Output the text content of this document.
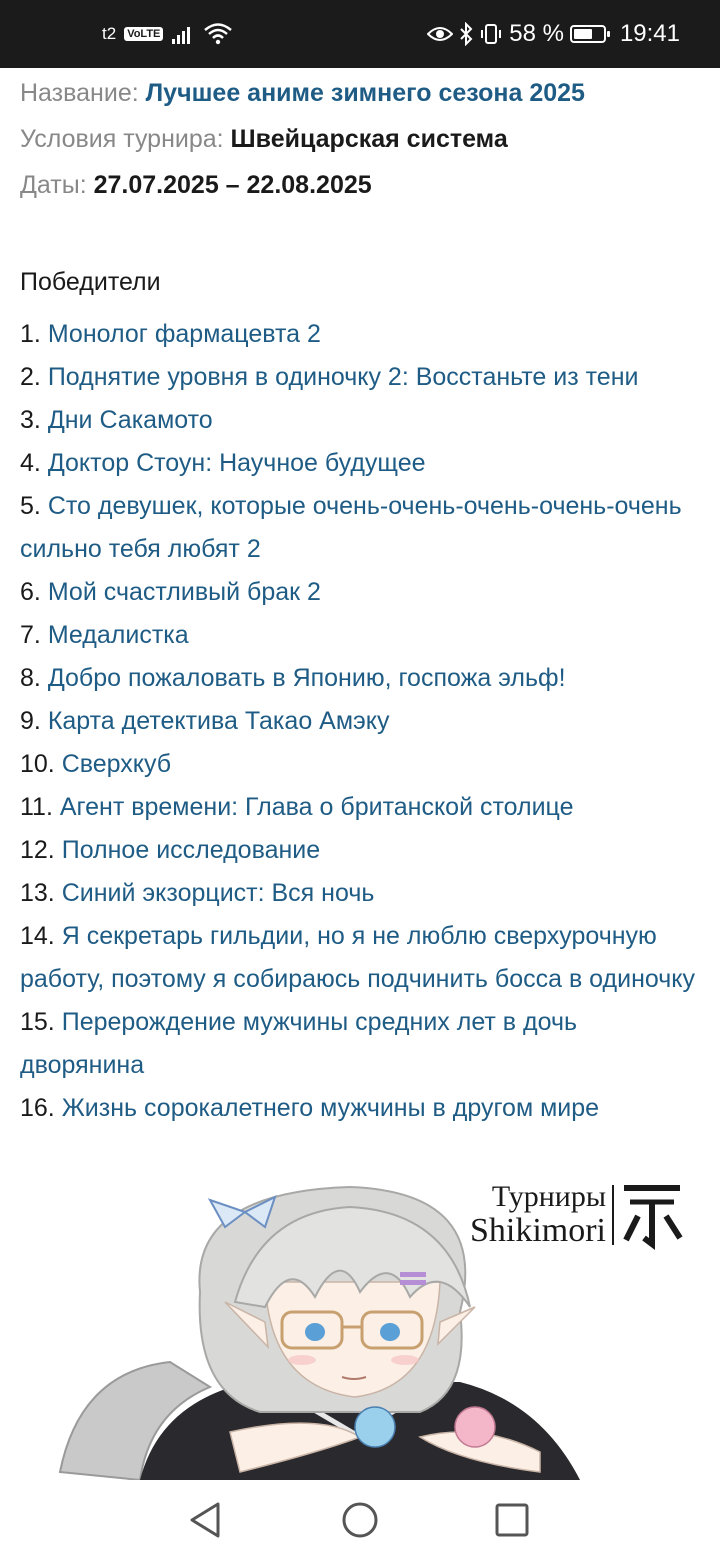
t2 VoLTE	58 % 19:41
Название: Лучшее аниме зимнего сезона 2025
Условия турнира: Швейцарская система
Даты: 27.07.2025 – 22.08.2025
Победители
1. Монолог фармацевта 2
2. Поднятие уровня в одиночку 2: Восстаньте из тени
3. Дни Сакамото
4. Доктор Стоун: Научное будущее
5. Сто девушек, которые очень-очень-очень-очень-очень сильно тебя любят 2
6. Мой счастливый брак 2
7. Медалистка
8. Добро пожаловать в Японию, госпожа эльф!
9. Карта детектива Такао Амэку
10. Сверхкуб
11. Агент времени: Глава о британской столице
12. Полное исследование
13. Синий экзорцист: Вся ночь
14. Я секретарь гильдии, но я не люблю сверхурочную работу, поэтому я собираюсь подчинить босса в одиночку
15. Перерождение мужчины средних лет в дочь дворянина
16. Жизнь сорокалетнего мужчины в другом мире
Турниры
Shikimori
